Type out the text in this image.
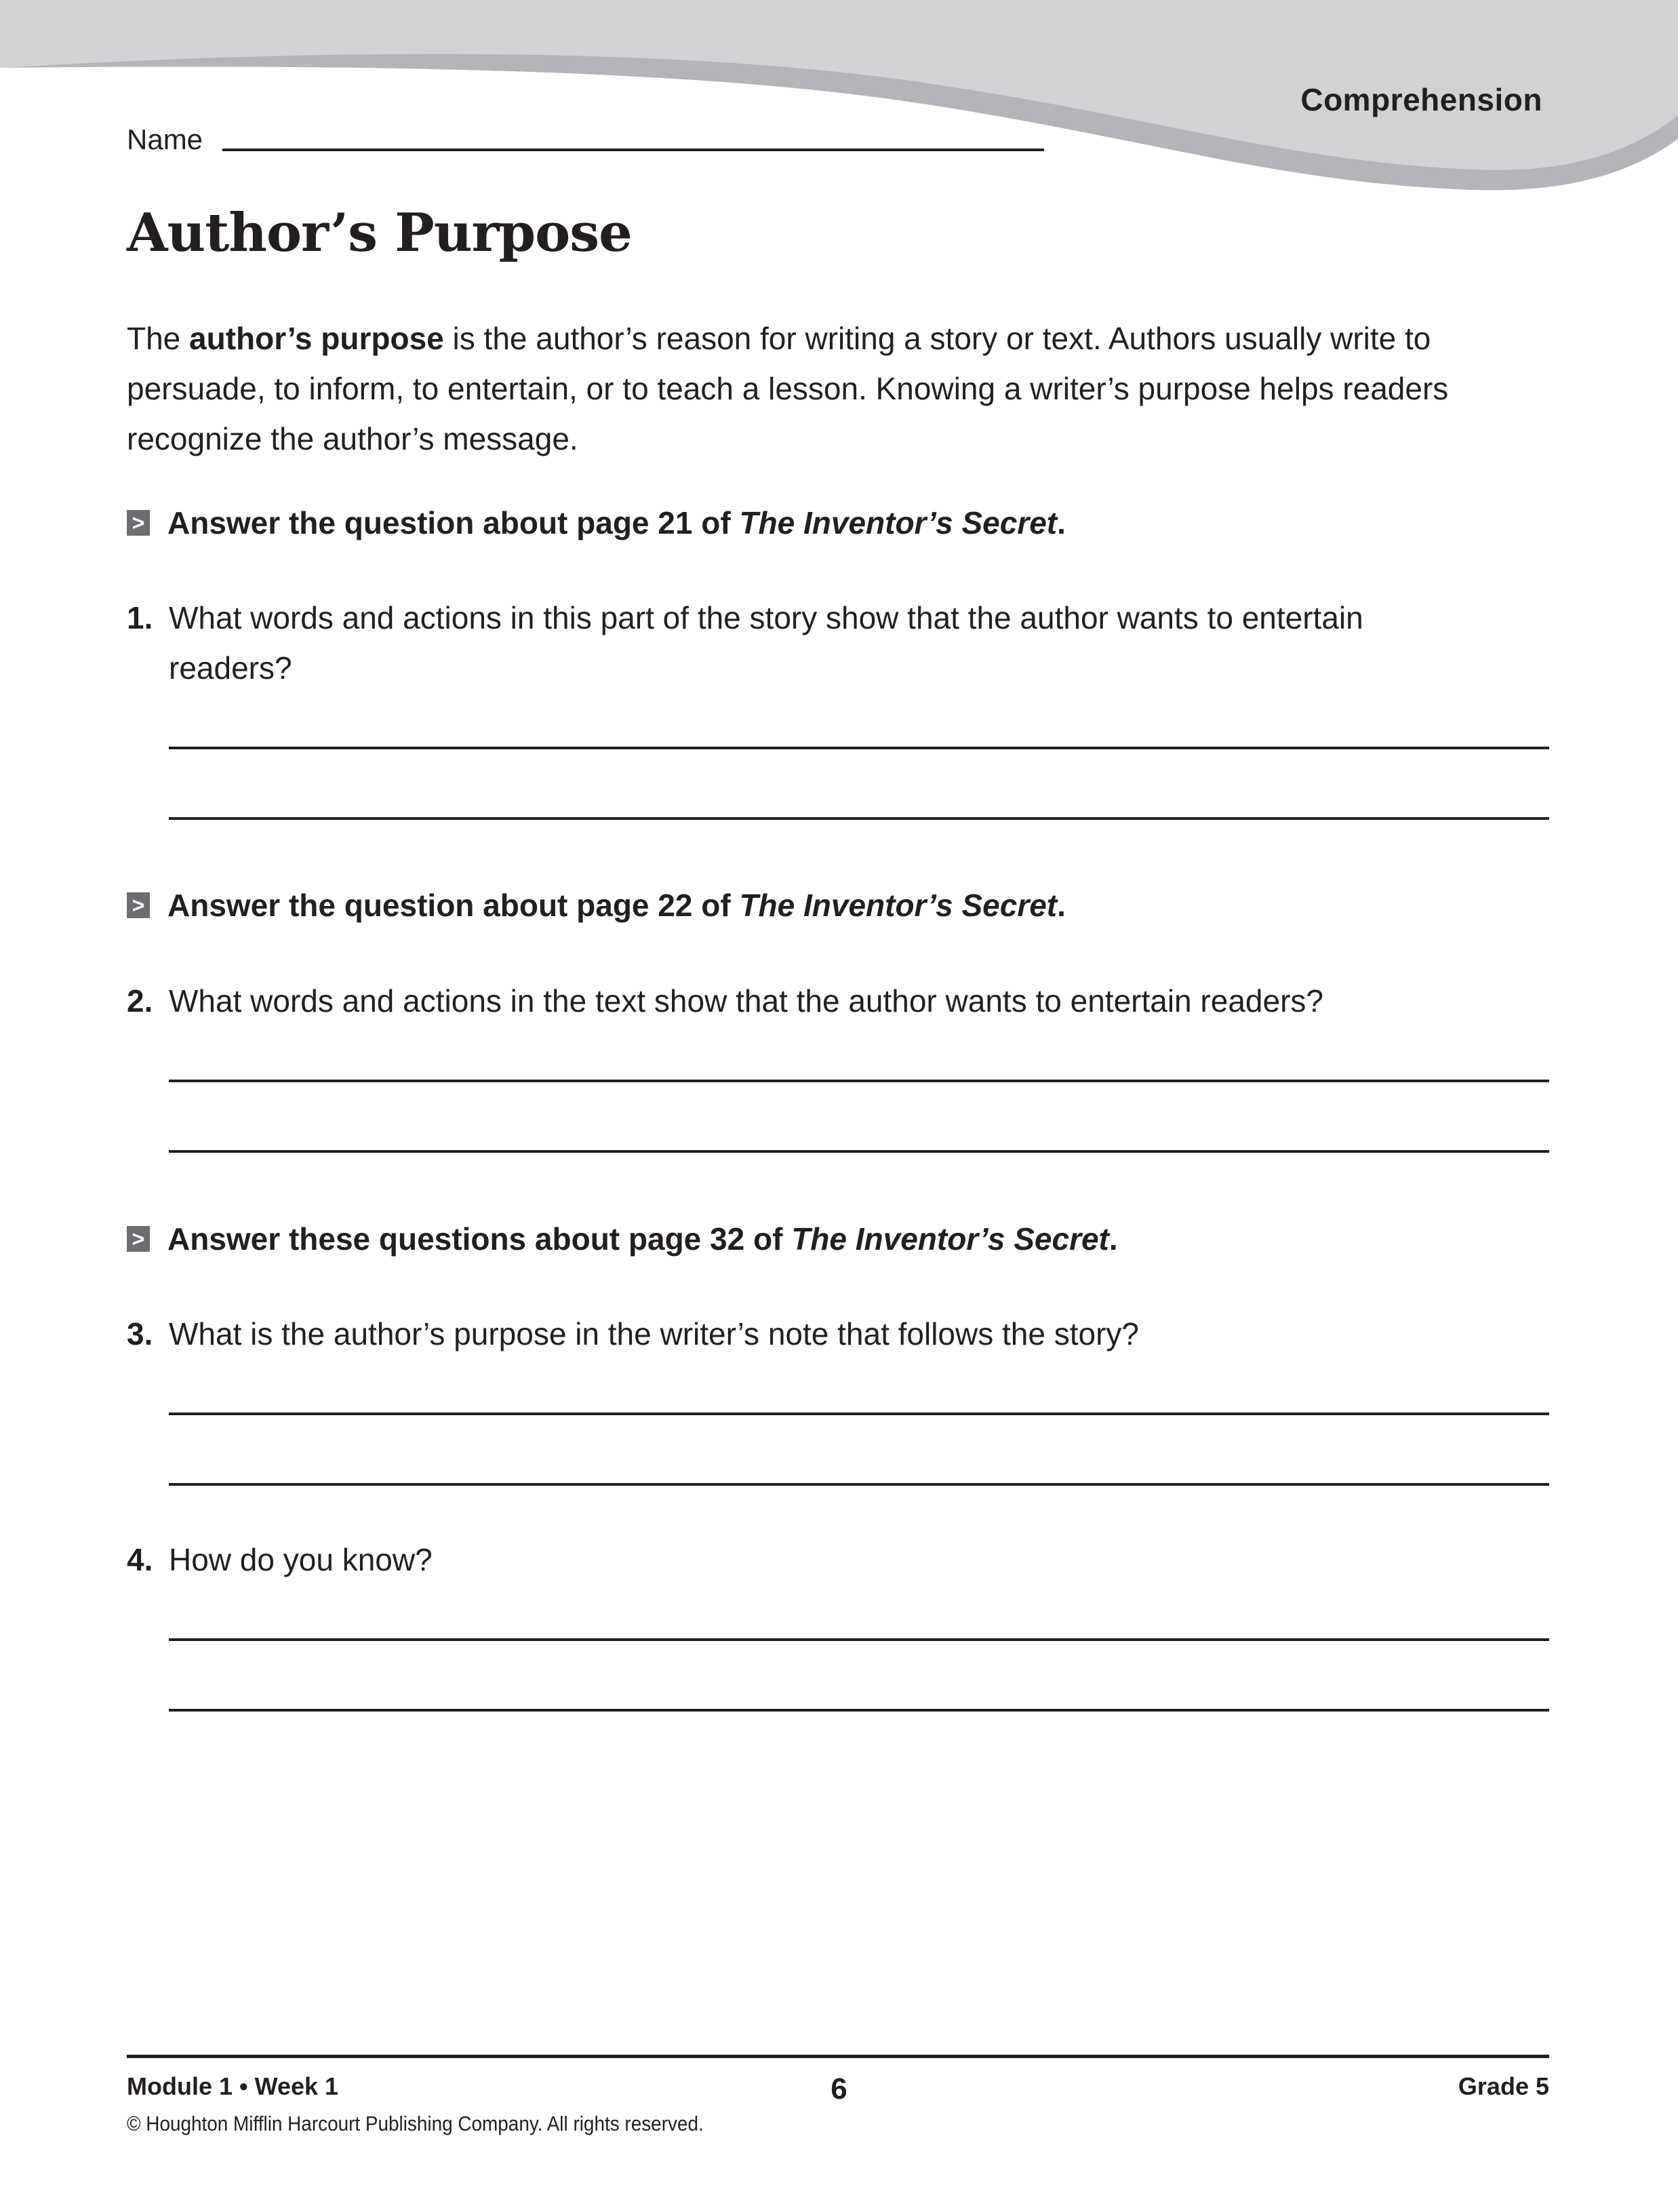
Comprehension
Name
Author’s Purpose
The author’s purpose is the author’s reason for writing a story or text. Authors usually write to persuade, to inform, to entertain, or to teach a lesson. Knowing a writer’s purpose helps readers recognize the author’s message.
> Answer the question about page 21 of The Inventor’s Secret.
1. What words and actions in this part of the story show that the author wants to entertain readers?
> Answer the question about page 22 of The Inventor’s Secret.
2. What words and actions in the text show that the author wants to entertain readers?
> Answer these questions about page 32 of The Inventor’s Secret.
3. What is the author’s purpose in the writer’s note that follows the story?
4. How do you know?
Module 1 • Week 1	6	Grade 5
© Houghton Mifflin Harcourt Publishing Company. All rights reserved.
